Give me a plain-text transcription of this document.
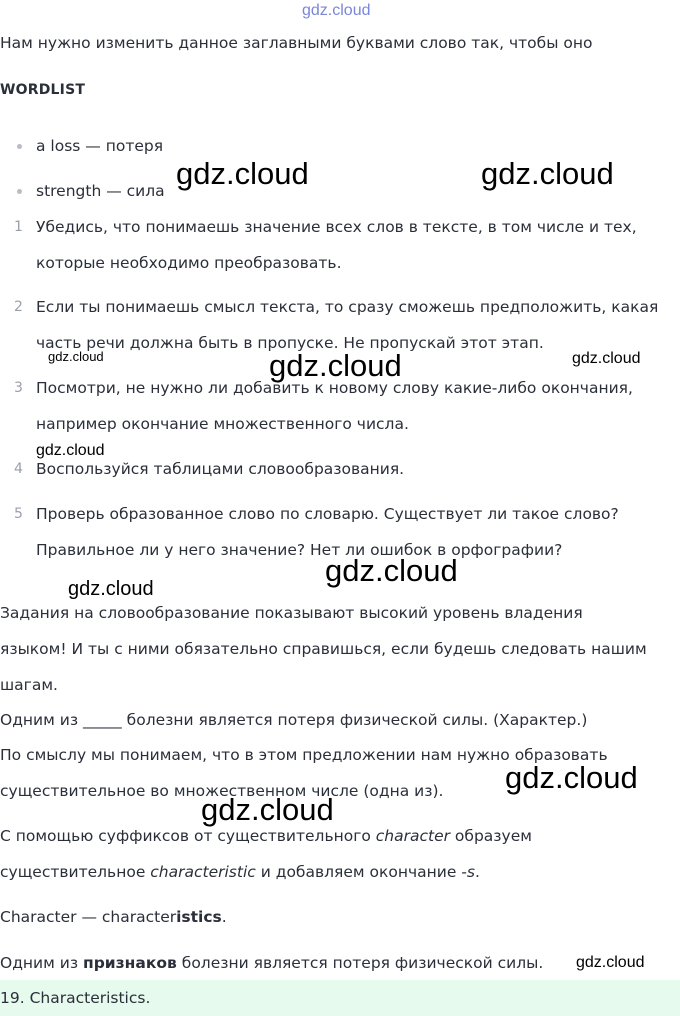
gdz.cloud
Нам нужно изменить данное заглавными буквами слово так, чтобы оно
WORDLIST
a loss — потеря
strength — сила
1 Убедись, что понимаешь значение всех слов в тексте, в том числе и тех,
которые необходимо преобразовать.
2 Если ты понимаешь смысл текста, то сразу сможешь предположить, какая
часть речи должна быть в пропуске. Не пропускай этот этап.
3 Посмотри, не нужно ли добавить к новому слову какие-либо окончания,
например окончание множественного числа.
4 Воспользуйся таблицами словообразования.
5 Проверь образованное слово по словарю. Существует ли такое слово?
Правильное ли у него значение? Нет ли ошибок в орфографии?
Задания на словообразование показывают высокий уровень владения
языком! И ты с ними обязательно справишься, если будешь следовать нашим
шагам.
Одним из _____ болезни является потеря физической силы. (Характер.)
По смыслу мы понимаем, что в этом предложении нам нужно образовать
существительное во множественном числе (одна из).
С помощью суффиксов от существительного character образуем
существительное characteristic и добавляем окончание -s.
Character — characteristics.
Одним из признаков болезни является потеря физической силы.
19. Characteristics.
gdz.cloud	gdz.cloud
gdz.cloud	gdz.cloud	gdz.cloud
gdz.cloud
gdz.cloud
gdz.cloud
gdz.cloud
gdz.cloud
gdz.cloud
